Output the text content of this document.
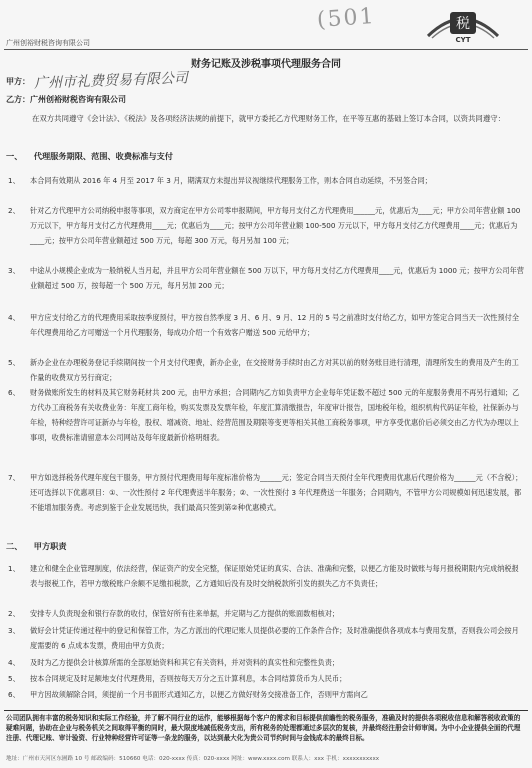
(501	税
CYT
广州创裕财税咨询有限公司
财务记账及涉税事项代理服务合同
甲方： 广州市礼费贸易有限公司
乙方：广州创裕财税咨询有限公司
在双方共同遵守《会计法》、《税法》及各项经济法规的前提下，就甲方委托乙方代理财务工作，在平等互惠的基础上签订本合同，以资共同遵守：
一、 代理服务期限、范围、收费标准与支付
1、	本合同有效期从 2016 年 4 月至 2017 年 3 月，期满双方未提出异议视继续代理服务工作，则本合同自动延续，不另签合同；
2、	针对乙方代理甲方公司纳税申报等事项，双方商定在甲方公司零申报期间，甲方每月支付乙方代理费用______元，优惠后为____元；甲方公司年营业额 100 万元以下，甲方每月支付乙方代理费用____元；优惠后为____元；按甲方公司年营业额 100-500 万元以下，甲方每月支付乙方代理费用____元；优惠后为____元；按甲方公司年营业额超过 500 万元，每超 300 万元，每月另加 100 元；
3、	中途从小规模企业成为一般纳税人当月起，并且甲方公司年营业额在 500 万以下，甲方每月支付乙方代理费用____元，优惠后为 1000 元；按甲方公司年营业额超过 500 万，按每超一个 500 万元，每月另加 200 元；
4、	甲方应支付给乙方的代理费用采取按季度预付，甲方按自然季度 3 月、6 月、9 月、12 月的 5 号之前准时支付给乙方，如甲方签定合同当天一次性预付全年代理费用给乙方可赠送一个月代理服务，每成功介绍一个有效客户赠送 500 元给甲方；
5、	新办企业在办理税务登记手续期间按一个月支付代理费，新办企业，在交接财务手续时由乙方对其以前的财务账目进行清理，清理所发生的费用及产生的工作量的收费双方另行商定；
6、	财务做账所发生的材料及其它财务耗材共 200 元，由甲方承担；合同期内乙方如负责甲方企业每年凭证数不超过 500 元的年度服务费用不再另行通知；乙方代办工商税务有关收费业务：年度工商年检，购买发票及发票年检，年度汇算清缴报告，年度审计报告，国地税年检，组织机构代码证年检，社保新办与年检，特种经营许可证新办与年检，股权、增减资、地址、经营范围及期限等变更等相关其他工商税务事项，甲方享受优惠价后必须交由乙方代为办理以上事项，收费标准请留意本公司网站及每年度最新价格明细表。
7、	甲方如选择税务代理年度包干服务，甲方预付代理费用每年度标准价格为______元；签定合同当天预付全年代理费用优惠后代理价格为______元（不含税）；还可选择以下优惠项目：①、一次性预付 2 年代理费送半年服务；②、一次性预付 3 年代理费送一年服务；合同期内，不管甲方公司规模如何迅速发展，都不能增加服务费。考虑到鉴于企业发展迅快，我们最高只签到第②种优惠模式。
二、 甲方职责
1、	建立和健全企业管理制度，依法经营，保证资产的安全完整，保证原始凭证的真实、合法、准确和完整，以便乙方能及时做账与每月报税期限内完成纳税报表与报税工作，若甲方缴税账户余额不足缴扣税款，乙方通知后没有及时交纳税款所引发的损失乙方不负责任；
2、	安排专人负责现金和银行存款的收付，保管好所有往来单据，并定期与乙方提供的账面数相核对；
3、	做好会计凭证传递过程中的登记和保管工作，为乙方派出的代理记账人员提供必要的工作条件合作；及时准确提供各项成本与费用发票，否则我公司会按月度需要的 6 点成本发票，费用由甲方负责；
4、	及时为乙方提供会计核算所需的全部原始资料和其它有关资料，并对资料的真实性和完整性负责；
5、	按本合同规定及时足额地支付代理费用，否则按每天万分之五计算利息，本合同结算货币为人民币；
6、	甲方因故须解除合同，须提前一个月书面形式通知乙方，以便乙方做好财务交接准备工作，否则甲方需向乙
公司团队拥有丰富的税务知识和实际工作经验，并了解不同行业的运作，能够根据每个客户的需求和目标提供前瞻性的税务服务，准确及时的提供各项税收信息和解答税收政策的疑难问题，协助在企业与税务机关之间取得平衡的同时，最大限度地减低税务支出，所有税务的处理都通过多层次的复核，并最终经注册会计师审阅。为中小企业提供全面的代理注册、代理记账、审计验资、行业特种经营许可证等一条龙的服务，以达到最大化为贵公司节约时间与金钱成本的最终目标。
地址：广州市天河区东圃路 10 号 邮政编码：510660 电话：020-xxxx 传真：020-xxxx 网址：www.xxxx.com 联系人：xxx 手机：xxxxxxxxxxx
